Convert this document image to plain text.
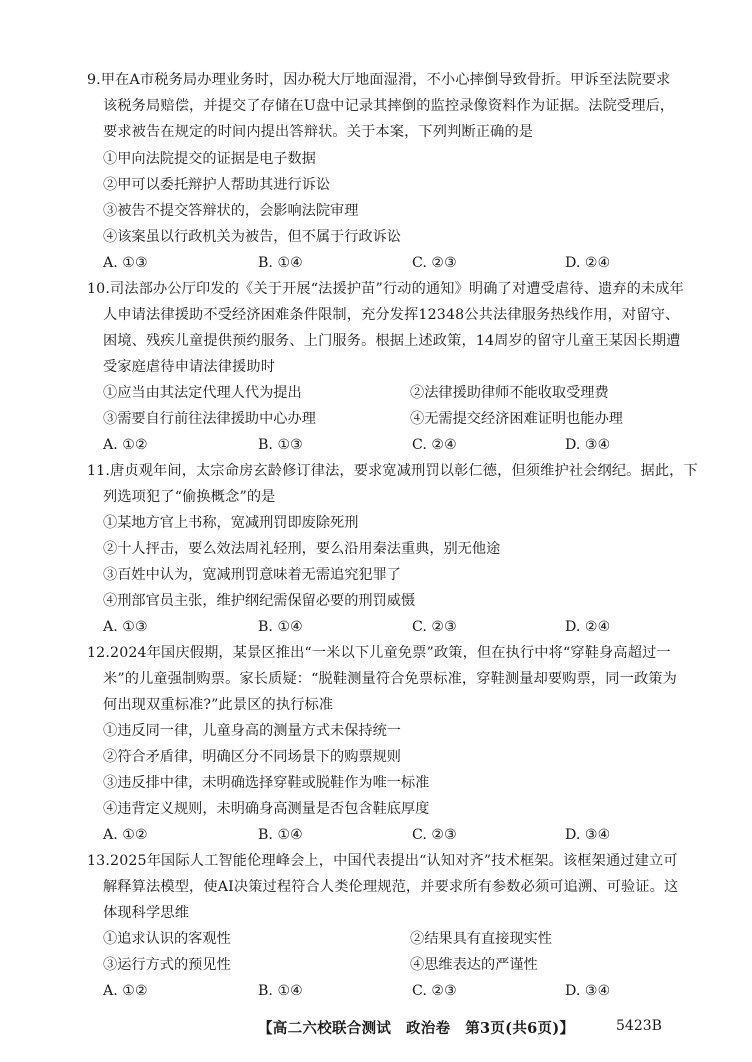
9.甲在A市税务局办理业务时，因办税大厅地面湿滑，不小心摔倒导致骨折。甲诉至法院要求
该税务局赔偿，并提交了存储在U盘中记录其摔倒的监控录像资料作为证据。法院受理后，
要求被告在规定的时间内提出答辩状。关于本案，下列判断正确的是
①甲向法院提交的证据是电子数据
②甲可以委托辩护人帮助其进行诉讼
③被告不提交答辩状的，会影响法院审理
④该案虽以行政机关为被告，但不属于行政诉讼
A. ①③	B. ①④	C. ②③	D. ②④
10.司法部办公厅印发的《关于开展“法援护苗”行动的通知》明确了对遭受虐待、遗弃的未成年
人申请法律援助不受经济困难条件限制，充分发挥12348公共法律服务热线作用，对留守、
困境、残疾儿童提供预约服务、上门服务。根据上述政策，14周岁的留守儿童王某因长期遭
受家庭虐待申请法律援助时
①应当由其法定代理人代为提出	②法律援助律师不能收取受理费
③需要自行前往法律援助中心办理	④无需提交经济困难证明也能办理
A. ①②	B. ①③	C. ②④	D. ③④
11.唐贞观年间，太宗命房玄龄修订律法，要求宽减刑罚以彰仁德，但须维护社会纲纪。据此，下
列选项犯了“偷换概念”的是
①某地方官上书称，宽减刑罚即废除死刑
②十人抨击，要么效法周礼轻刑，要么沿用秦法重典，别无他途
③百姓中认为，宽减刑罚意味着无需追究犯罪了
④刑部官员主张，维护纲纪需保留必要的刑罚威慑
A. ①③	B. ①④	C. ②③	D. ②④
12.2024年国庆假期，某景区推出“一米以下儿童免票”政策，但在执行中将“穿鞋身高超过一
米”的儿童强制购票。家长质疑：“脱鞋测量符合免票标准，穿鞋测量却要购票，同一政策为
何出现双重标准?”此景区的执行标准
①违反同一律，儿童身高的测量方式未保持统一
②符合矛盾律，明确区分不同场景下的购票规则
③违反排中律，未明确选择穿鞋或脱鞋作为唯一标准
④违背定义规则，未明确身高测量是否包含鞋底厚度
A. ①②	B. ①④	C. ②③	D. ③④
13.2025年国际人工智能伦理峰会上，中国代表提出“认知对齐”技术框架。该框架通过建立可
解释算法模型，使AI决策过程符合人类伦理规范，并要求所有参数必须可追溯、可验证。这
体现科学思维
①追求认识的客观性	②结果具有直接现实性
③运行方式的预见性	④思维表达的严谨性
A. ①②	B. ①④	C. ②③	D. ③④
【高二六校联合测试　政治卷　第3页(共6页)】	5423B
